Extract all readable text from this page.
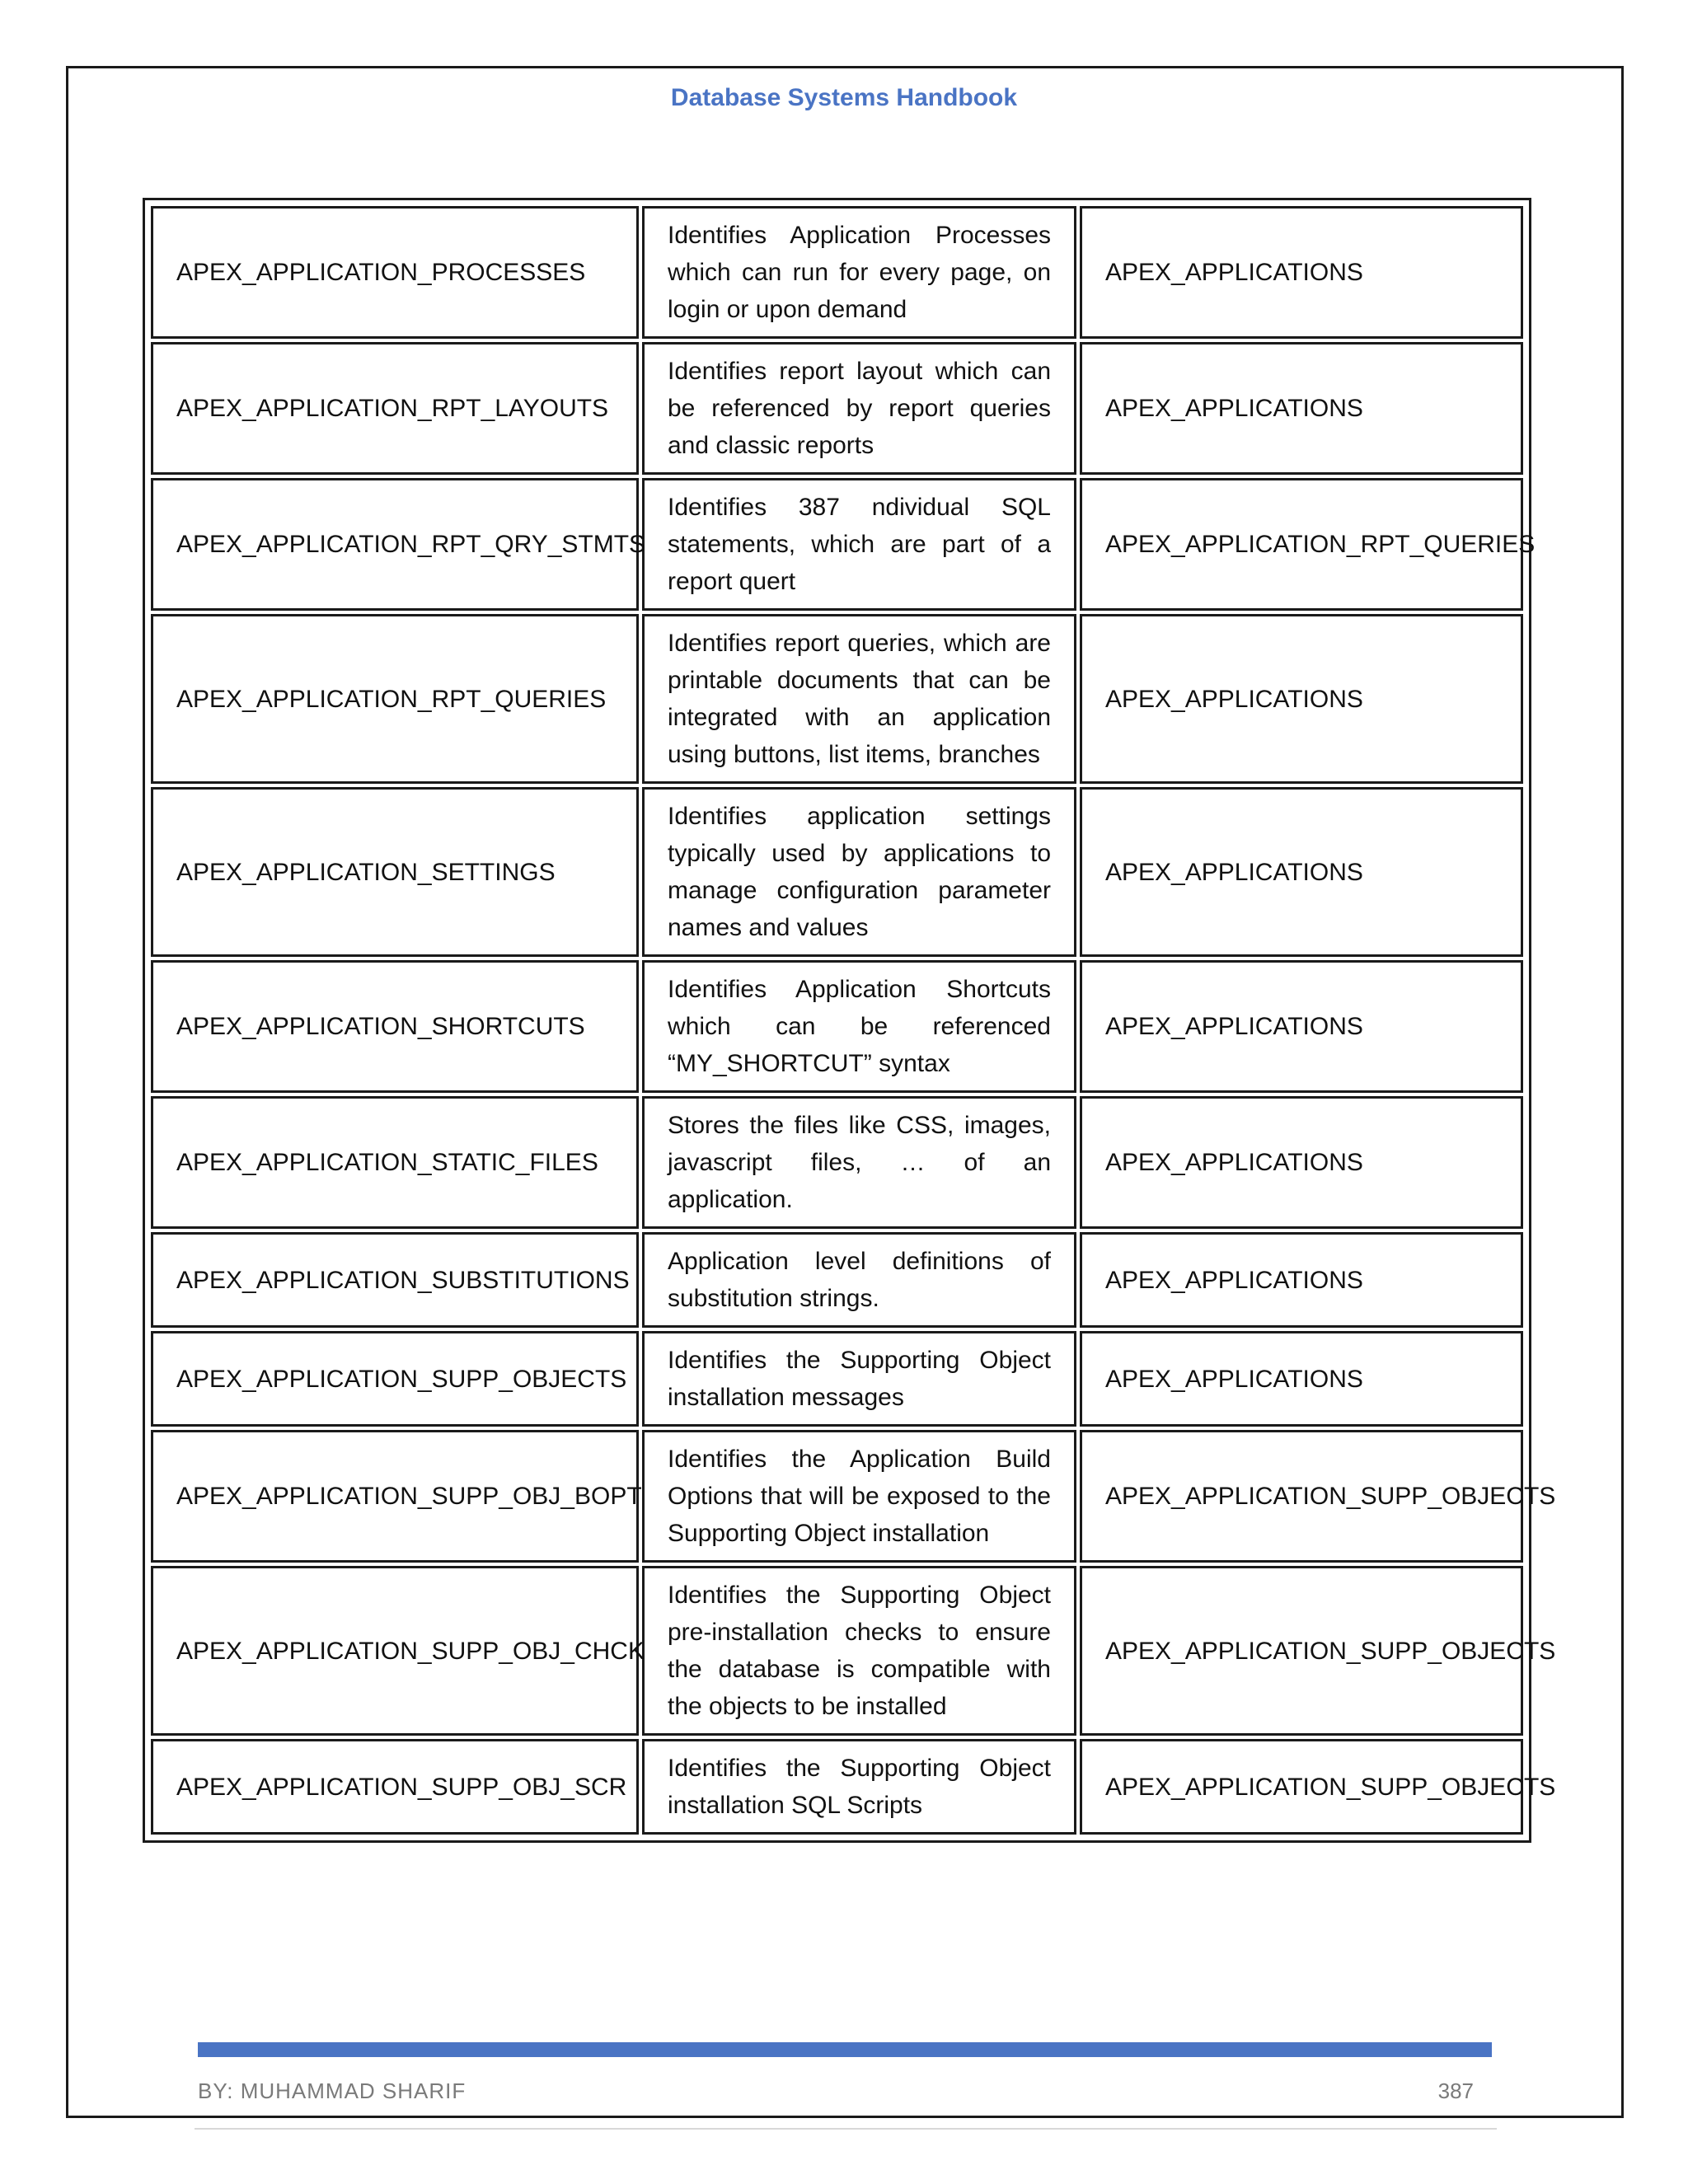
Database Systems Handbook
APEX_APPLICATION_PROCESSES	Identifies Application Processes which can run for every page, on login or upon demand	APEX_APPLICATIONS
APEX_APPLICATION_RPT_LAYOUTS	Identifies report layout which can be referenced by report queries and classic reports	APEX_APPLICATIONS
APEX_APPLICATION_RPT_QRY_STMTS	Identifies 387 ndividual SQL statements, which are part of a report quert	APEX_APPLICATION_RPT_QUERIES
APEX_APPLICATION_RPT_QUERIES	Identifies report queries, which are printable documents that can be integrated with an application using buttons, list items, branches	APEX_APPLICATIONS
APEX_APPLICATION_SETTINGS	Identifies application settings typically used by applications to manage configuration parameter names and values	APEX_APPLICATIONS
APEX_APPLICATION_SHORTCUTS	Identifies Application Shortcuts which can be referenced “MY_SHORTCUT” syntax	APEX_APPLICATIONS
APEX_APPLICATION_STATIC_FILES	Stores the files like CSS, images, javascript files, … of an application.	APEX_APPLICATIONS
APEX_APPLICATION_SUBSTITUTIONS	Application level definitions of substitution strings.	APEX_APPLICATIONS
APEX_APPLICATION_SUPP_OBJECTS	Identifies the Supporting Object installation messages	APEX_APPLICATIONS
APEX_APPLICATION_SUPP_OBJ_BOPT	Identifies the Application Build Options that will be exposed to the Supporting Object installation	APEX_APPLICATION_SUPP_OBJECTS
APEX_APPLICATION_SUPP_OBJ_CHCK	Identifies the Supporting Object pre-installation checks to ensure the database is compatible with the objects to be installed	APEX_APPLICATION_SUPP_OBJECTS
APEX_APPLICATION_SUPP_OBJ_SCR	Identifies the Supporting Object installation SQL Scripts	APEX_APPLICATION_SUPP_OBJECTS
BY: MUHAMMAD SHARIF	387
